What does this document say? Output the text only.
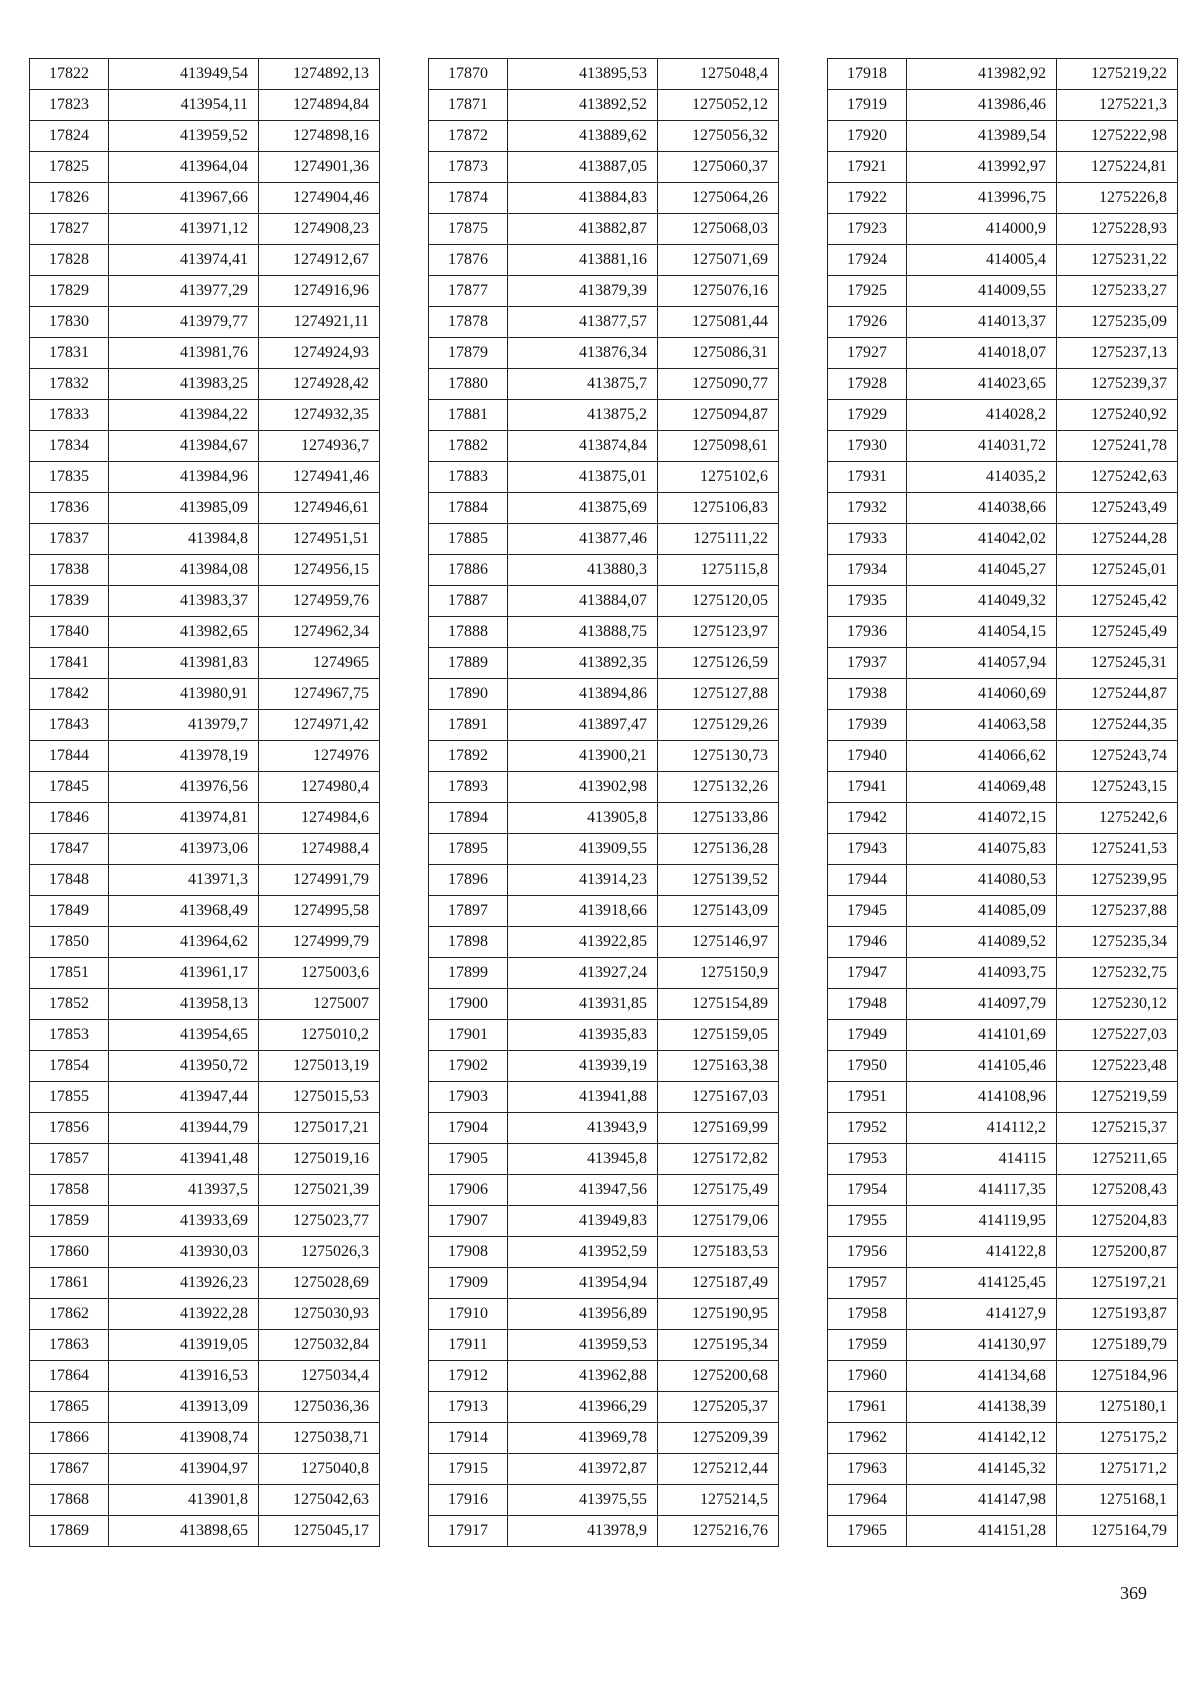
17822	413949,54	1274892,13
17823	413954,11	1274894,84
17824	413959,52	1274898,16
17825	413964,04	1274901,36
17826	413967,66	1274904,46
17827	413971,12	1274908,23
17828	413974,41	1274912,67
17829	413977,29	1274916,96
17830	413979,77	1274921,11
17831	413981,76	1274924,93
17832	413983,25	1274928,42
17833	413984,22	1274932,35
17834	413984,67	1274936,7
17835	413984,96	1274941,46
17836	413985,09	1274946,61
17837	413984,8	1274951,51
17838	413984,08	1274956,15
17839	413983,37	1274959,76
17840	413982,65	1274962,34
17841	413981,83	1274965
17842	413980,91	1274967,75
17843	413979,7	1274971,42
17844	413978,19	1274976
17845	413976,56	1274980,4
17846	413974,81	1274984,6
17847	413973,06	1274988,4
17848	413971,3	1274991,79
17849	413968,49	1274995,58
17850	413964,62	1274999,79
17851	413961,17	1275003,6
17852	413958,13	1275007
17853	413954,65	1275010,2
17854	413950,72	1275013,19
17855	413947,44	1275015,53
17856	413944,79	1275017,21
17857	413941,48	1275019,16
17858	413937,5	1275021,39
17859	413933,69	1275023,77
17860	413930,03	1275026,3
17861	413926,23	1275028,69
17862	413922,28	1275030,93
17863	413919,05	1275032,84
17864	413916,53	1275034,4
17865	413913,09	1275036,36
17866	413908,74	1275038,71
17867	413904,97	1275040,8
17868	413901,8	1275042,63
17869	413898,65	1275045,17
17870	413895,53	1275048,4
17871	413892,52	1275052,12
17872	413889,62	1275056,32
17873	413887,05	1275060,37
17874	413884,83	1275064,26
17875	413882,87	1275068,03
17876	413881,16	1275071,69
17877	413879,39	1275076,16
17878	413877,57	1275081,44
17879	413876,34	1275086,31
17880	413875,7	1275090,77
17881	413875,2	1275094,87
17882	413874,84	1275098,61
17883	413875,01	1275102,6
17884	413875,69	1275106,83
17885	413877,46	1275111,22
17886	413880,3	1275115,8
17887	413884,07	1275120,05
17888	413888,75	1275123,97
17889	413892,35	1275126,59
17890	413894,86	1275127,88
17891	413897,47	1275129,26
17892	413900,21	1275130,73
17893	413902,98	1275132,26
17894	413905,8	1275133,86
17895	413909,55	1275136,28
17896	413914,23	1275139,52
17897	413918,66	1275143,09
17898	413922,85	1275146,97
17899	413927,24	1275150,9
17900	413931,85	1275154,89
17901	413935,83	1275159,05
17902	413939,19	1275163,38
17903	413941,88	1275167,03
17904	413943,9	1275169,99
17905	413945,8	1275172,82
17906	413947,56	1275175,49
17907	413949,83	1275179,06
17908	413952,59	1275183,53
17909	413954,94	1275187,49
17910	413956,89	1275190,95
17911	413959,53	1275195,34
17912	413962,88	1275200,68
17913	413966,29	1275205,37
17914	413969,78	1275209,39
17915	413972,87	1275212,44
17916	413975,55	1275214,5
17917	413978,9	1275216,76
17918	413982,92	1275219,22
17919	413986,46	1275221,3
17920	413989,54	1275222,98
17921	413992,97	1275224,81
17922	413996,75	1275226,8
17923	414000,9	1275228,93
17924	414005,4	1275231,22
17925	414009,55	1275233,27
17926	414013,37	1275235,09
17927	414018,07	1275237,13
17928	414023,65	1275239,37
17929	414028,2	1275240,92
17930	414031,72	1275241,78
17931	414035,2	1275242,63
17932	414038,66	1275243,49
17933	414042,02	1275244,28
17934	414045,27	1275245,01
17935	414049,32	1275245,42
17936	414054,15	1275245,49
17937	414057,94	1275245,31
17938	414060,69	1275244,87
17939	414063,58	1275244,35
17940	414066,62	1275243,74
17941	414069,48	1275243,15
17942	414072,15	1275242,6
17943	414075,83	1275241,53
17944	414080,53	1275239,95
17945	414085,09	1275237,88
17946	414089,52	1275235,34
17947	414093,75	1275232,75
17948	414097,79	1275230,12
17949	414101,69	1275227,03
17950	414105,46	1275223,48
17951	414108,96	1275219,59
17952	414112,2	1275215,37
17953	414115	1275211,65
17954	414117,35	1275208,43
17955	414119,95	1275204,83
17956	414122,8	1275200,87
17957	414125,45	1275197,21
17958	414127,9	1275193,87
17959	414130,97	1275189,79
17960	414134,68	1275184,96
17961	414138,39	1275180,1
17962	414142,12	1275175,2
17963	414145,32	1275171,2
17964	414147,98	1275168,1
17965	414151,28	1275164,79
369
